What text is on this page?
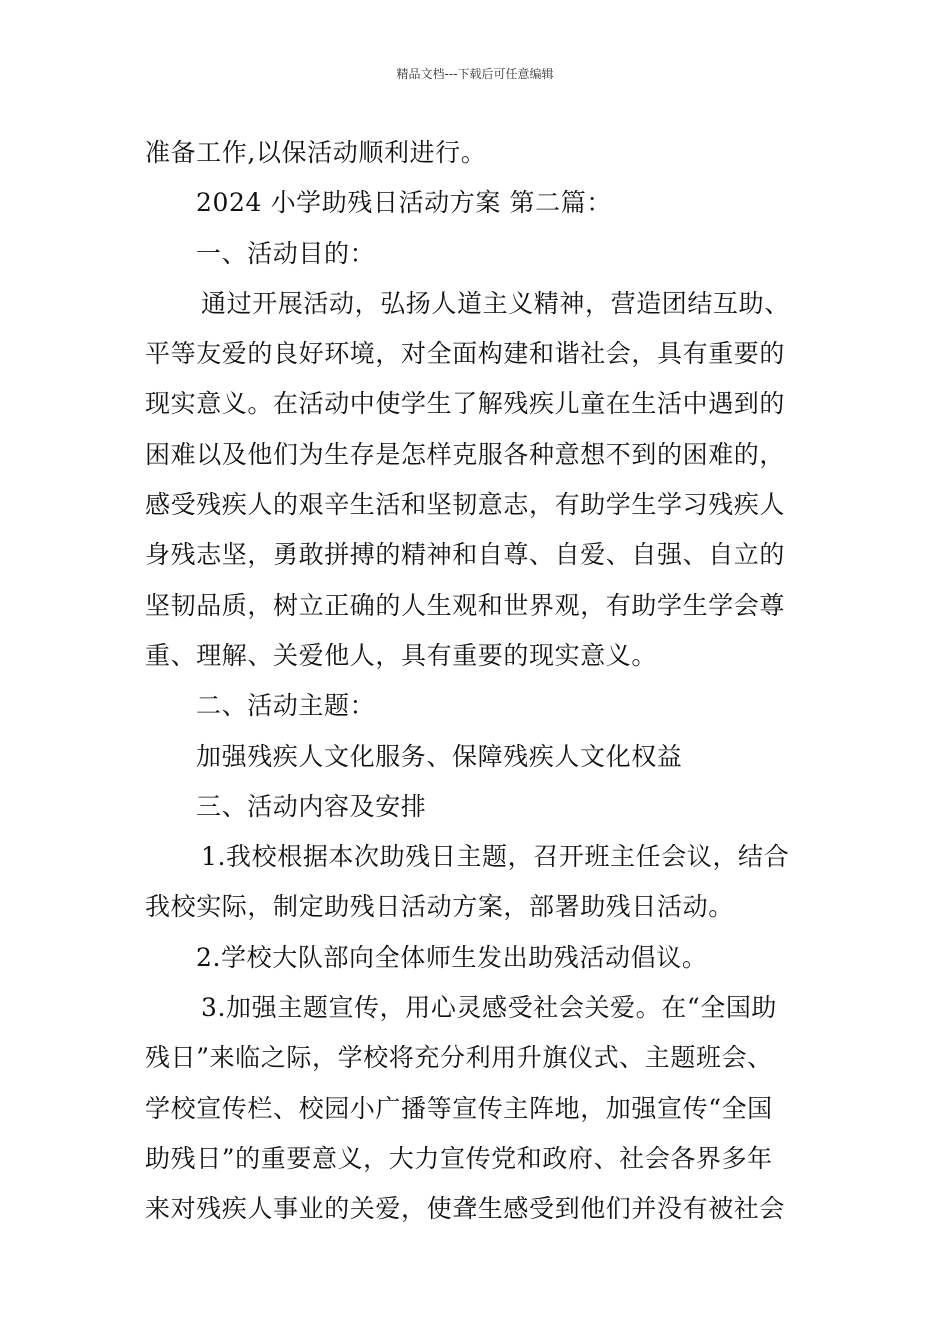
精品文档---下载后可任意编辑
准备工作,以保活动顺利进行。
2024 小学助残日活动方案 第二篇：
一、活动目的：
通过开展活动，弘扬人道主义精神，营造团结互助、
平等友爱的良好环境，对全面构建和谐社会，具有重要的
现实意义。在活动中使学生了解残疾儿童在生活中遇到的
困难以及他们为生存是怎样克服各种意想不到的困难的，
感受残疾人的艰辛生活和坚韧意志，有助学生学习残疾人
身残志坚，勇敢拼搏的精神和自尊、自爱、自强、自立的
坚韧品质，树立正确的人生观和世界观，有助学生学会尊
重、理解、关爱他人，具有重要的现实意义。
二、活动主题：
加强残疾人文化服务、保障残疾人文化权益
三、活动内容及安排
1.我校根据本次助残日主题，召开班主任会议，结合
我校实际，制定助残日活动方案，部署助残日活动。
2.学校大队部向全体师生发出助残活动倡议。
3.加强主题宣传，用心灵感受社会关爱。在“全国助
残日”来临之际，学校将充分利用升旗仪式、主题班会、
学校宣传栏、校园小广播等宣传主阵地，加强宣传“全国
助残日”的重要意义，大力宣传党和政府、社会各界多年
来对残疾人事业的关爱，使聋生感受到他们并没有被社会
